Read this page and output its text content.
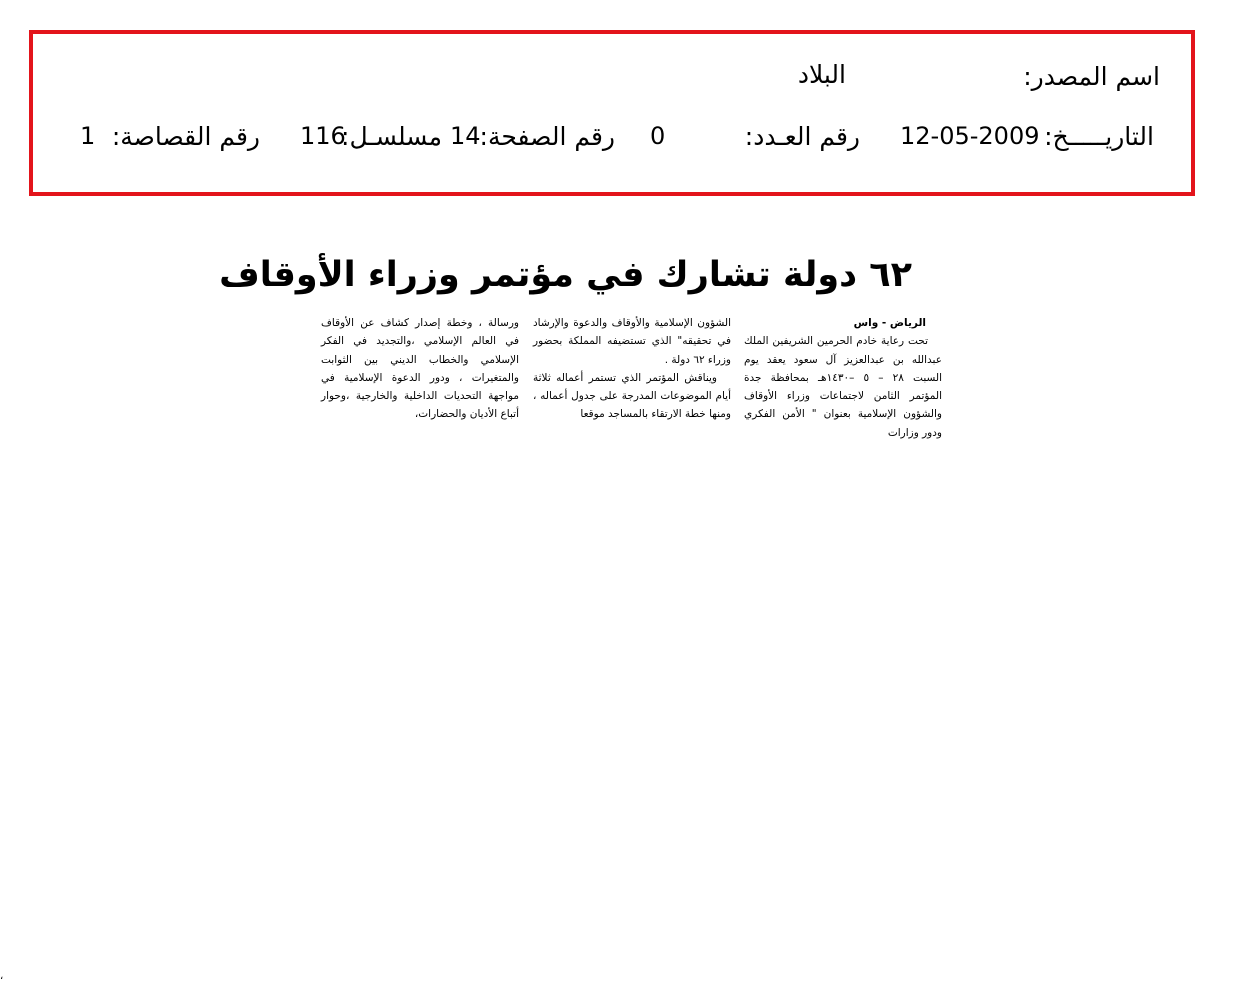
اسم المصدر:
البلاد
التاريـــــخ:
12-05-2009
رقم العـدد:
0
رقم الصفحة:
14
مسلسـل:
116
رقم القصاصة:
1
٦٢ دولة تشارك في مؤتمر وزراء الأوقاف
الرياض - واس
تحت رعاية خادم الحرمين الشريفين الملك عبدالله بن عبدالعزيز آل سعود يعقد يوم السبت ٢٨ – ٥ –١٤٣٠هـ بمحافظة جدة المؤتمر الثامن لاجتماعات وزراء الأوقاف والشؤون الإسلامية بعنوان " الأمن الفكري ودور وزارات
الشؤون الإسلامية والأوقاف والدعوة والإرشاد في تحقيقه" الذي تستضيفه المملكة بحضور وزراء ٦٢ دولة .
ويناقش المؤتمر الذي تستمر أعماله ثلاثة أيام الموضوعات المدرجة على جدول أعماله ، ومنها خطة الارتقاء بالمساجد موقعا
ورسالة ، وخطة إصدار كشاف عن الأوقاف في العالم الإسلامي ،والتجديد في الفكر الإسلامي والخطاب الديني بين الثوابت والمتغيرات ، ودور الدعوة الإسلامية في مواجهة التحديات الداخلية والخارجية ،وحوار أتباع الأديان والحضارات،
،
